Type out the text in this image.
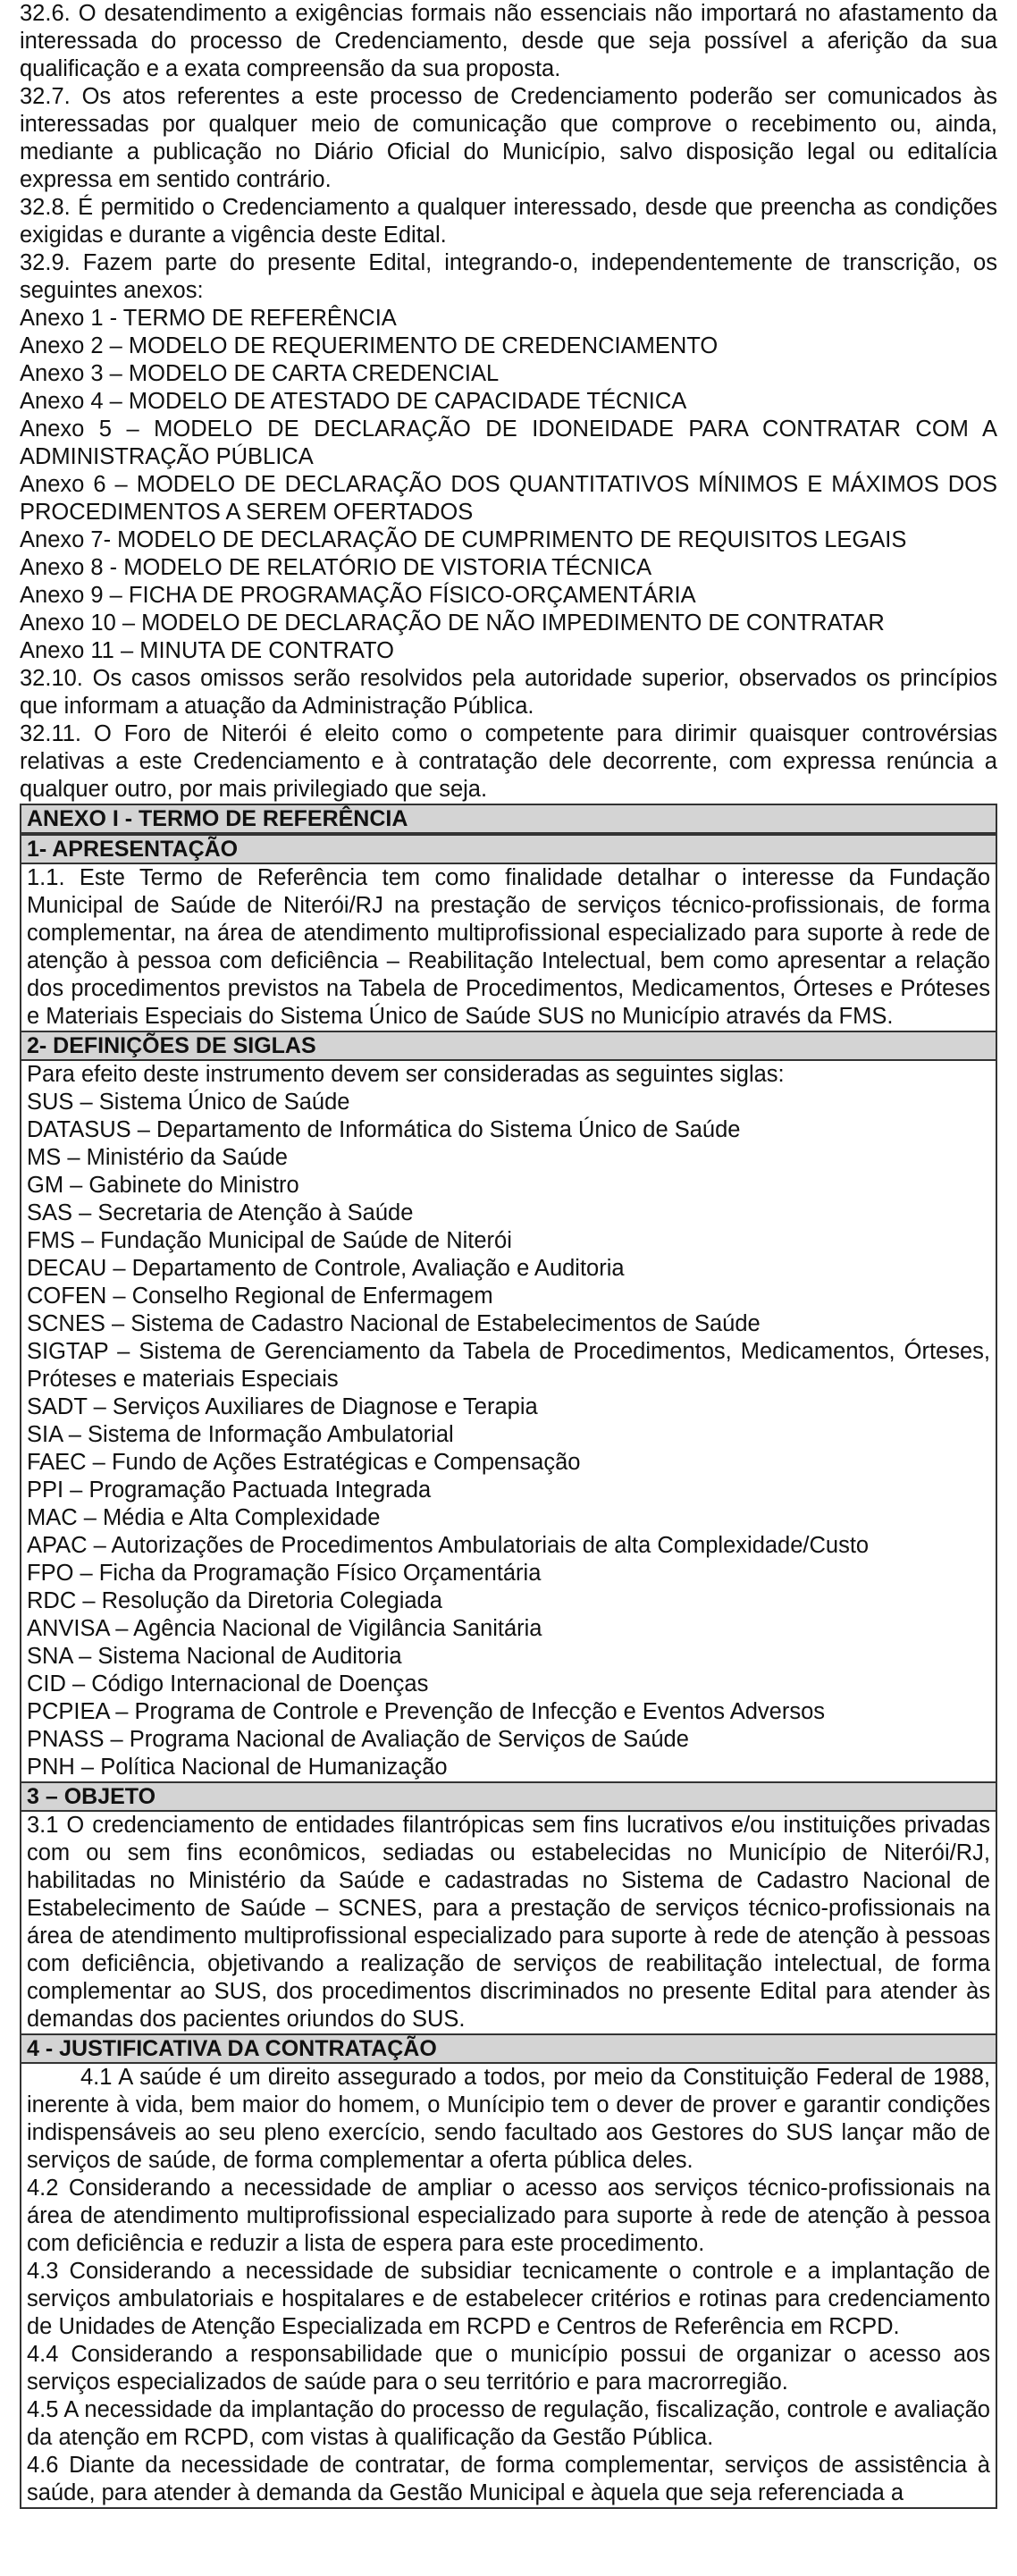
32.6. O desatendimento a exigências formais não essenciais não importará no afastamento da interessada do processo de Credenciamento, desde que seja possível a aferição da sua qualificação e a exata compreensão da sua proposta.

32.7. Os atos referentes a este processo de Credenciamento poderão ser comunicados às interessadas por qualquer meio de comunicação que comprove o recebimento ou, ainda, mediante a publicação no Diário Oficial do Município, salvo disposição legal ou editalícia expressa em sentido contrário.

32.8. É permitido o Credenciamento a qualquer interessado, desde que preencha as condições exigidas e durante a vigência deste Edital.

32.9. Fazem parte do presente Edital, integrando-o, independentemente de transcrição, os seguintes anexos:

Anexo 1 - TERMO DE REFERÊNCIA

Anexo 2 – MODELO DE REQUERIMENTO DE CREDENCIAMENTO

Anexo 3 – MODELO DE CARTA CREDENCIAL

Anexo 4 – MODELO DE ATESTADO DE CAPACIDADE TÉCNICA

Anexo 5 – MODELO DE DECLARAÇÃO DE IDONEIDADE PARA CONTRATAR COM A ADMINISTRAÇÃO PÚBLICA

Anexo 6 – MODELO DE DECLARAÇÃO DOS QUANTITATIVOS MÍNIMOS E MÁXIMOS DOS PROCEDIMENTOS A SEREM OFERTADOS

Anexo 7- MODELO DE DECLARAÇÃO DE CUMPRIMENTO DE REQUISITOS LEGAIS

Anexo 8 - MODELO DE RELATÓRIO DE VISTORIA TÉCNICA

Anexo 9 – FICHA DE PROGRAMAÇÃO FÍSICO-ORÇAMENTÁRIA

Anexo 10 – MODELO DE DECLARAÇÃO DE NÃO IMPEDIMENTO DE CONTRATAR

Anexo 11 – MINUTA DE CONTRATO

32.10. Os casos omissos serão resolvidos pela autoridade superior, observados os princípios que informam a atuação da Administração Pública.

32.11. O Foro de Niterói é eleito como o competente para dirimir quaisquer controvérsias relativas a este Credenciamento e à contratação dele decorrente, com expressa renúncia a qualquer outro, por mais privilegiado que seja.

ANEXO I - TERMO DE REFERÊNCIA
1- APRESENTAÇÃO

1.1. Este Termo de Referência tem como finalidade detalhar o interesse da Fundação Municipal de Saúde de Niterói/RJ na prestação de serviços técnico-profissionais, de forma complementar, na área de atendimento multiprofissional especializado para suporte à rede de atenção à pessoa com deficiência – Reabilitação Intelectual, bem como apresentar a relação dos procedimentos previstos na Tabela de Procedimentos, Medicamentos, Órteses e Próteses e Materiais Especiais do Sistema Único de Saúde SUS no Município através da FMS.

2- DEFINIÇÕES DE SIGLAS

Para efeito deste instrumento devem ser consideradas as seguintes siglas:

SUS – Sistema Único de Saúde

DATASUS – Departamento de Informática do Sistema Único de Saúde

MS – Ministério da Saúde

GM – Gabinete do Ministro

SAS – Secretaria de Atenção à Saúde

FMS – Fundação Municipal de Saúde de Niterói

DECAU – Departamento de Controle, Avaliação e Auditoria

COFEN – Conselho Regional de Enfermagem

SCNES – Sistema de Cadastro Nacional de Estabelecimentos de Saúde

SIGTAP – Sistema de Gerenciamento da Tabela de Procedimentos, Medicamentos, Órteses, Próteses e materiais Especiais

SADT – Serviços Auxiliares de Diagnose e Terapia

SIA – Sistema de Informação Ambulatorial

FAEC – Fundo de Ações Estratégicas e Compensação

PPI – Programação Pactuada Integrada

MAC – Média e Alta Complexidade

APAC – Autorizações de Procedimentos Ambulatoriais de alta Complexidade/Custo

FPO – Ficha da Programação Físico Orçamentária

RDC – Resolução da Diretoria Colegiada

ANVISA – Agência Nacional de Vigilância Sanitária

SNA – Sistema Nacional de Auditoria

CID – Código Internacional de Doenças

PCPIEA – Programa de Controle e Prevenção de Infecção e Eventos Adversos

PNASS – Programa Nacional de Avaliação de Serviços de Saúde

PNH – Política Nacional de Humanização

3 – OBJETO

3.1 O credenciamento de entidades filantrópicas sem fins lucrativos e/ou instituições privadas com ou sem fins econômicos, sediadas ou estabelecidas no Município de Niterói/RJ, habilitadas no Ministério da Saúde e cadastradas no Sistema de Cadastro Nacional de Estabelecimento de Saúde – SCNES, para a prestação de serviços técnico-profissionais na área de atendimento multiprofissional especializado para suporte à rede de atenção à pessoas com deficiência, objetivando a realização de serviços de reabilitação intelectual, de forma complementar ao SUS, dos procedimentos discriminados no presente Edital para atender às demandas dos pacientes oriundos do SUS.

4 - JUSTIFICATIVA DA CONTRATAÇÃO

4.1 A saúde é um direito assegurado a todos, por meio da Constituição Federal de 1988, inerente à vida, bem maior do homem, o Munícipio tem o dever de prover e garantir condições indispensáveis ao seu pleno exercício, sendo facultado aos Gestores do SUS lançar mão de serviços de saúde, de forma complementar a oferta pública deles.

4.2 Considerando a necessidade de ampliar o acesso aos serviços técnico-profissionais na área de atendimento multiprofissional especializado para suporte à rede de atenção à pessoa com deficiência e reduzir a lista de espera para este procedimento.

4.3 Considerando a necessidade de subsidiar tecnicamente o controle e a implantação de serviços ambulatoriais e hospitalares e de estabelecer critérios e rotinas para credenciamento de Unidades de Atenção Especializada em RCPD e Centros de Referência em RCPD.

4.4 Considerando a responsabilidade que o município possui de organizar o acesso aos serviços especializados de saúde para o seu território e para macrorregião.

4.5 A necessidade da implantação do processo de regulação, fiscalização, controle e avaliação da atenção em RCPD, com vistas à qualificação da Gestão Pública.

4.6 Diante da necessidade de contratar, de forma complementar, serviços de assistência à saúde, para atender à demanda da Gestão Municipal e àquela que seja referenciada a
